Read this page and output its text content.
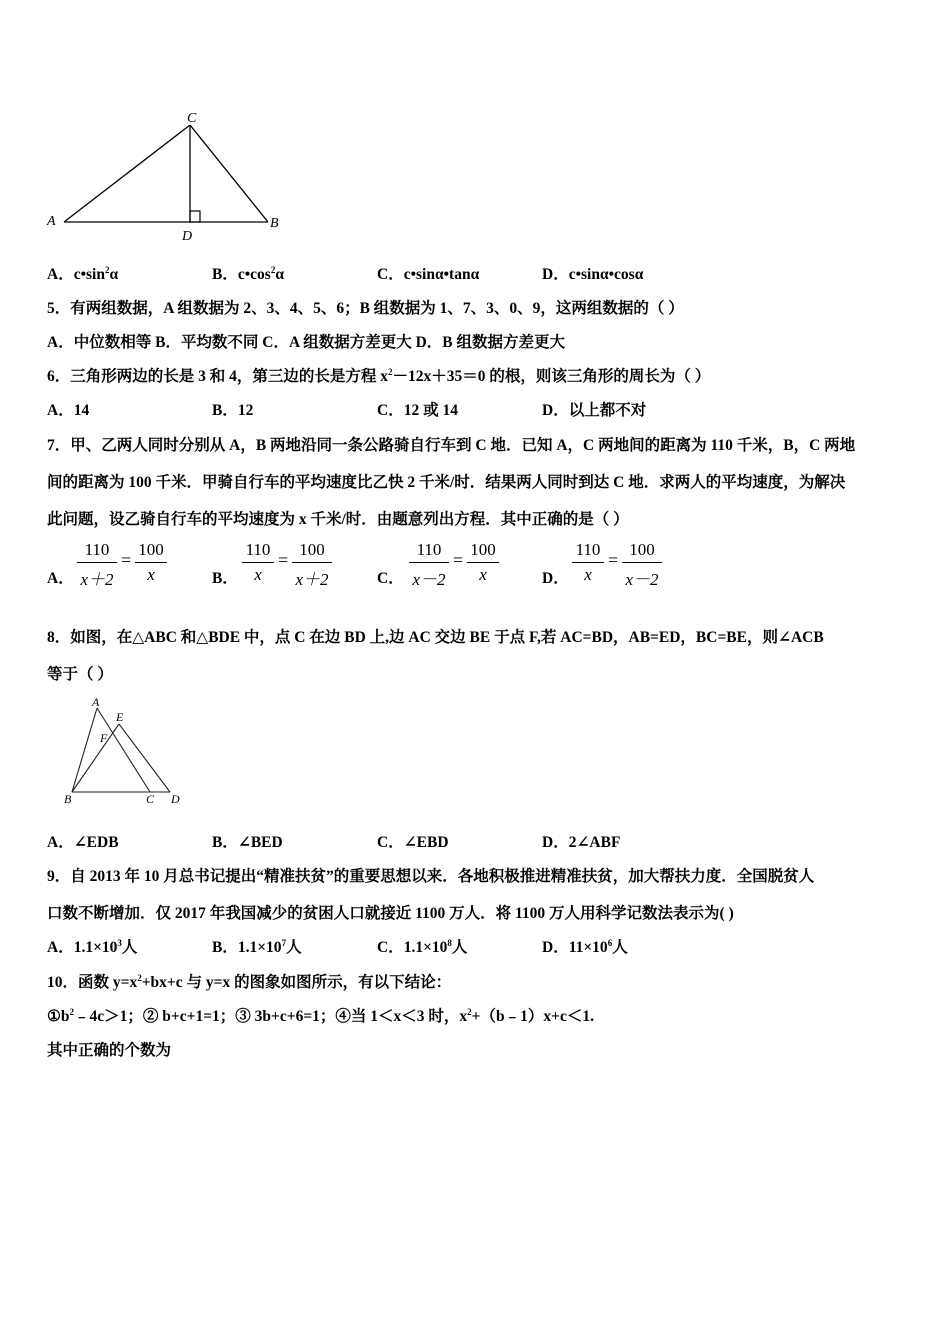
C
A	B
D
A．$c•\sin^2\alpha$	B．$c•\cos^2\alpha$	C．c•sinα•tanα	D．c•sinα•cosα
5．有两组数据，A 组数据为 2、3、4、5、6；B 组数据为 1、7、3、0、9，这两组数据的（ ）
A．中位数相等 B．平均数不同 C．A 组数据方差更大 D．B 组数据方差更大
6．三角形两边的长是 3 和 4，第三边的长是方程 $x^2-12x+35=0$ 的根，则该三角形的周长为（ ）
A．14	B．12	C．12 或 14	D．以上都不对
7．甲、乙两人同时分别从 A，B 两地沿同一条公路骑自行车到 C 地．已知 A，C 两地间的距离为 110 千米，B，C 两地
间的距离为 100 千米．甲骑自行车的平均速度比乙快 2 千米/时．结果两人同时到达 C 地．求两人的平均速度，为解决
此问题，设乙骑自行车的平均速度为 x 千米/时．由题意列出方程．其中正确的是（ ）
A．
110
x＋2
=
100
x	B．
110
x
=
100
x＋2	C．
110
x－2
=
100
x	D．
110
x
=
100
x－2
8．如图，在△ABC 和△BDE 中，点 C 在边 BD 上,边 AC 交边 BE 于点 F,若 AC=BD，AB=ED，BC=BE，则∠ACB
等于（ ）
A
E
F
B	C D
A．∠EDB	B．∠BED	C．∠EBD	D．2∠ABF
9．自 2013 年 10 月总书记提出“精准扶贫”的重要思想以来．各地积极推进精准扶贫，加大帮扶力度．全国脱贫人
口数不断增加．仅 2017 年我国减少的贫困人口就接近 1100 万人．将 1100 万人用科学记数法表示为( )
A．$1.1\times 10^3$人	B．$1.1\times 10^7$人	C．$1.1\times 10^8$人	D．$11\times 10^6$人
10．函数 $y=x^2+bx+c$ 与 y=x 的图象如图所示，有以下结论：
$①b^2﹣4c>1$；② b+c+1=1；③ 3b+c+6=1；④当 1＜x＜3 时，$x^2+(b﹣1)x+c<1$.
其中正确的个数为
